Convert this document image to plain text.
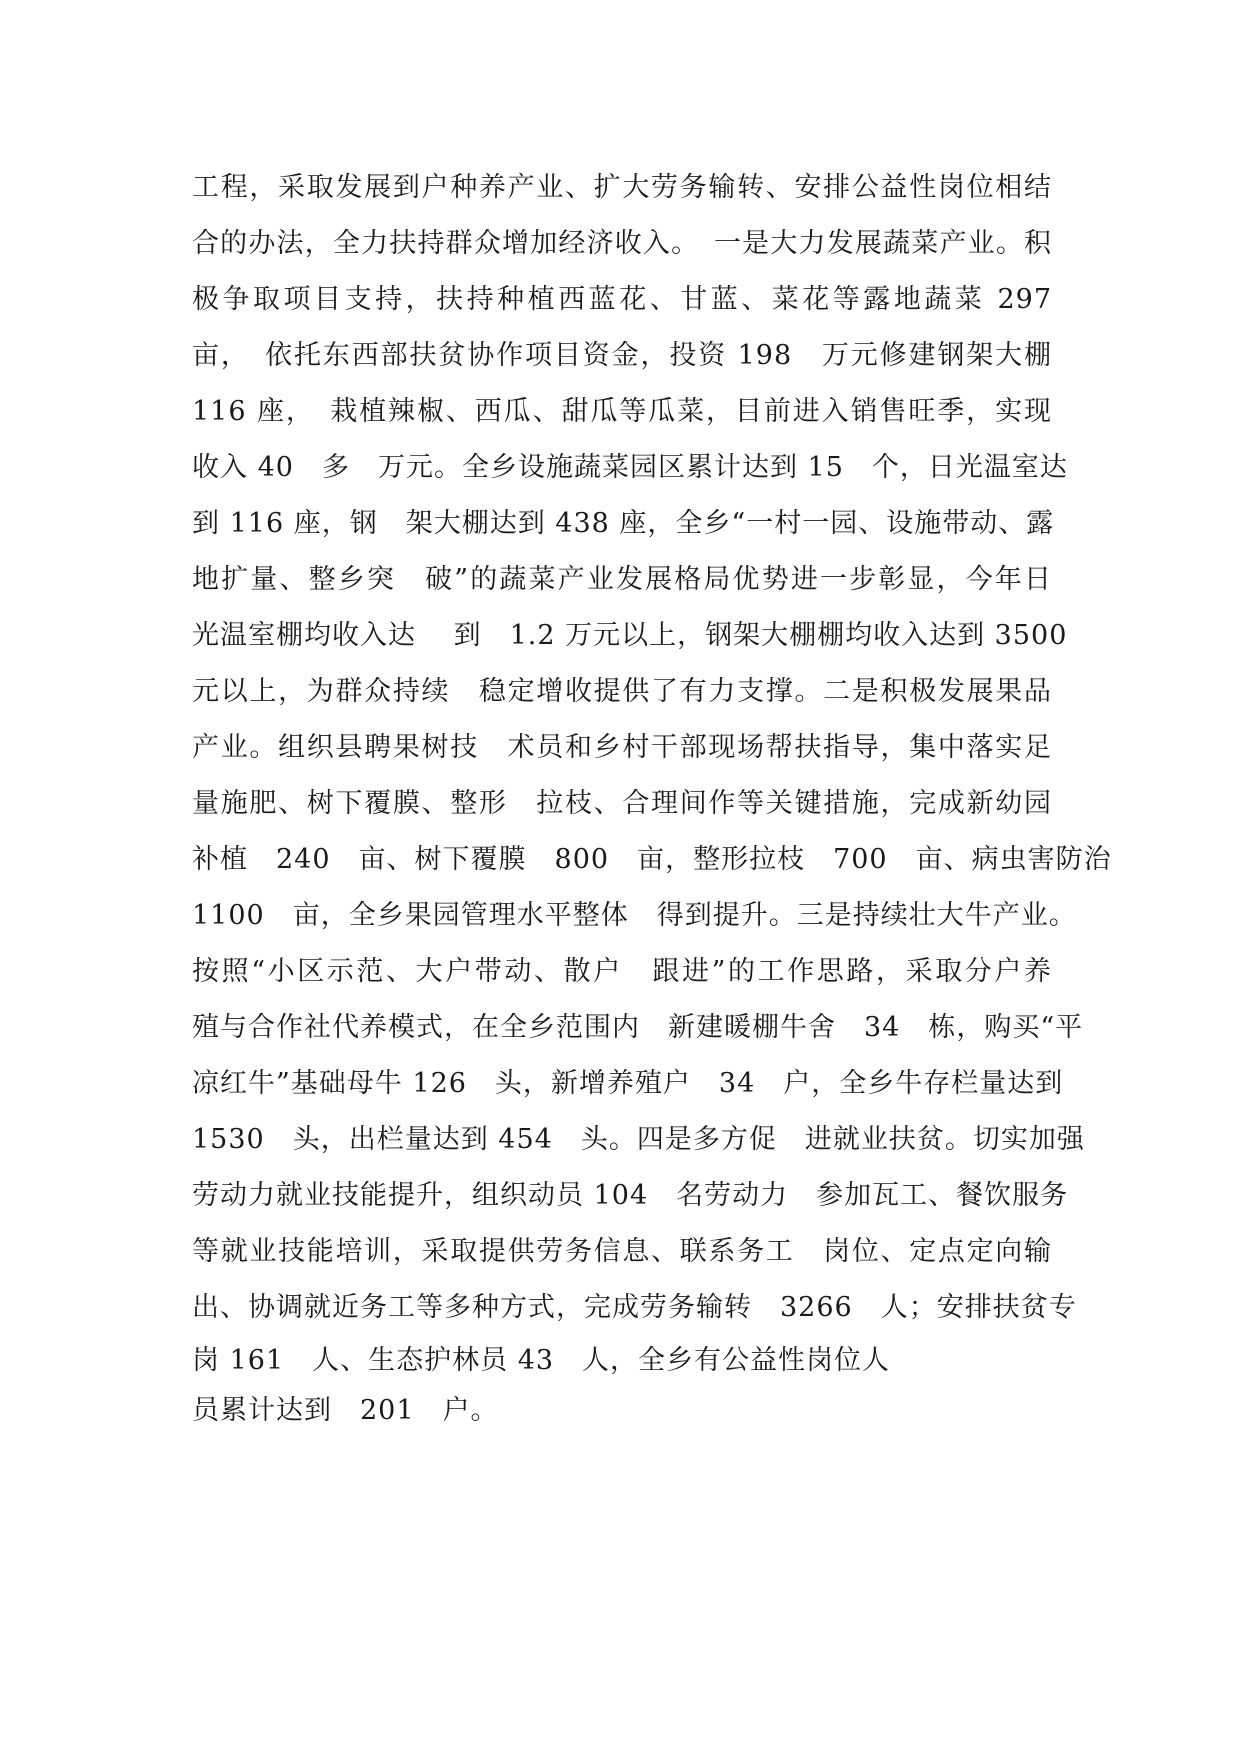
工程，采取发展到户种养产业、扩大劳务输转、安排公益性岗位相结
合的办法，全力扶持群众增加经济收入。　一是大力发展蔬菜产业。积
极争取项目支持，扶持种植西蓝花、甘蓝、菜花等露地蔬菜 297
亩，　依托东西部扶贫协作项目资金，投资 198　万元修建钢架大棚
116 座，　栽植辣椒、西瓜、甜瓜等瓜菜，目前进入销售旺季，实现
收入 40　多　万元。全乡设施蔬菜园区累计达到 15　个，日光温室达
到 116 座，钢　架大棚达到 438 座，全乡“一村一园、设施带动、露
地扩量、整乡突　破”的蔬菜产业发展格局优势进一步彰显，今年日
光温室棚均收入达　 到　1.2 万元以上，钢架大棚棚均收入达到 3500
元以上，为群众持续　稳定增收提供了有力支撑。二是积极发展果品
产业。组织县聘果树技　术员和乡村干部现场帮扶指导，集中落实足
量施肥、树下覆膜、整形　拉枝、合理间作等关键措施，完成新幼园
补植　240　亩、树下覆膜　800　亩，整形拉枝　700　亩、病虫害防治
1100　亩，全乡果园管理水平整体　得到提升。三是持续壮大牛产业。
按照“小区示范、大户带动、散户　跟进”的工作思路，采取分户养
殖与合作社代养模式，在全乡范围内　新建暖棚牛舍　34　栋，购买“平
凉红牛”基础母牛 126　头，新增养殖户　34　户，全乡牛存栏量达到
1530　头，出栏量达到 454　头。四是多方促　进就业扶贫。切实加强
劳动力就业技能提升，组织动员 104　名劳动力　参加瓦工、餐饮服务
等就业技能培训，采取提供劳务信息、联系务工　岗位、定点定向输
出、协调就近务工等多种方式，完成劳务输转　3266　人；安排扶贫专
岗 161　人、生态护林员 43　人，全乡有公益性岗位人
员累计达到　201　户。
